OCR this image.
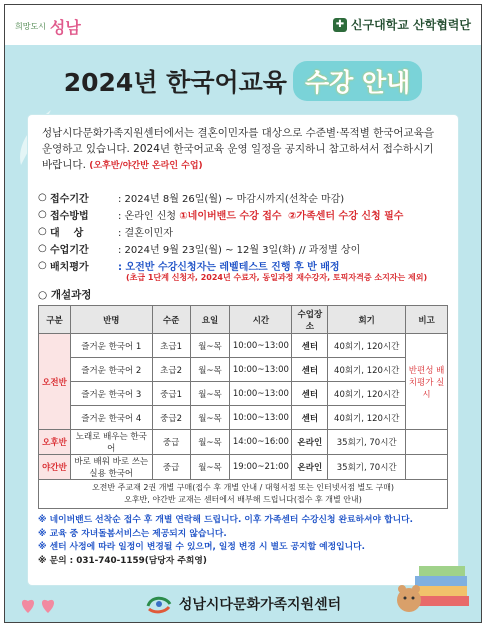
희망도시 성남	✚ 신구대학교 산학협력단
2024년 한국어교육 수강 안내
성남시다문화가족지원센터에서는 결혼이민자를 대상으로 수준별·목적별 한국어교육을 운영하고 있습니다. 2024년 한국어교육 운영 일정을 공지하니 참고하셔서 접수하시기 바랍니다. (오후반/야간반 온라인 수업)
○ 접수기간	: 2024년 8월 26일(월) ~ 마감시까지(선착순 마감)
○ 접수방법	: 온라인 신청 ①네이버밴드 수강 접수 ②가족센터 수강 신청 필수
○ 대    상	: 결혼이민자
○ 수업기간	: 2024년 9월 23일(월) ~ 12월 3일(화) // 과정별 상이
○ 배치평가	: 오전반 수강신청자는 레벨테스트 진행 후 반 배정
(초급 1단계 신청자, 2024년 수료자, 동일과정 재수강자, 토픽자격증 소지자는 제외)
○ 개설과정
구분	반명	수준	요일	시간	수업장소	회기	비고
오전반	즐거운 한국어 1	초급1	월~목	10:00~13:00	센터	40회기, 120시간	반편성 배치평가 실시
	즐거운 한국어 2	초급2	월~목	10:00~13:00	센터	40회기, 120시간	
	즐거운 한국어 3	중급1	월~목	10:00~13:00	센터	40회기, 120시간	
	즐거운 한국어 4	중급2	월~목	10:00~13:00	센터	40회기, 120시간	
오후반	노래로 배우는 한국어	중급	월~목	14:00~16:00	온라인	35회기, 70시간	
야간반	바로 배워 바로 쓰는 실용 한국어	중급	월~목	19:00~21:00	온라인	35회기, 70시간	

오전반 주교재 2권 개별 구매(접수 후 개별 안내 / 대형서점 또는 인터넷서점 별도 구매)
오후반, 야간반 교재는 센터에서 배부해 드립니다(접수 후 개별 안내)							
※ 네이버밴드 선착순 접수 후 개별 연락해 드립니다. 이후 가족센터 수강신청 완료하셔야 합니다.
※ 교육 중 자녀돌봄서비스는 제공되지 않습니다.
※ 센터 사정에 따라 일정이 변경될 수 있으며, 일정 변경 시 별도 공지할 예정입니다.
※ 문의 : 031-740-1159(담당자 주희영)
성남시다문화가족지원센터
